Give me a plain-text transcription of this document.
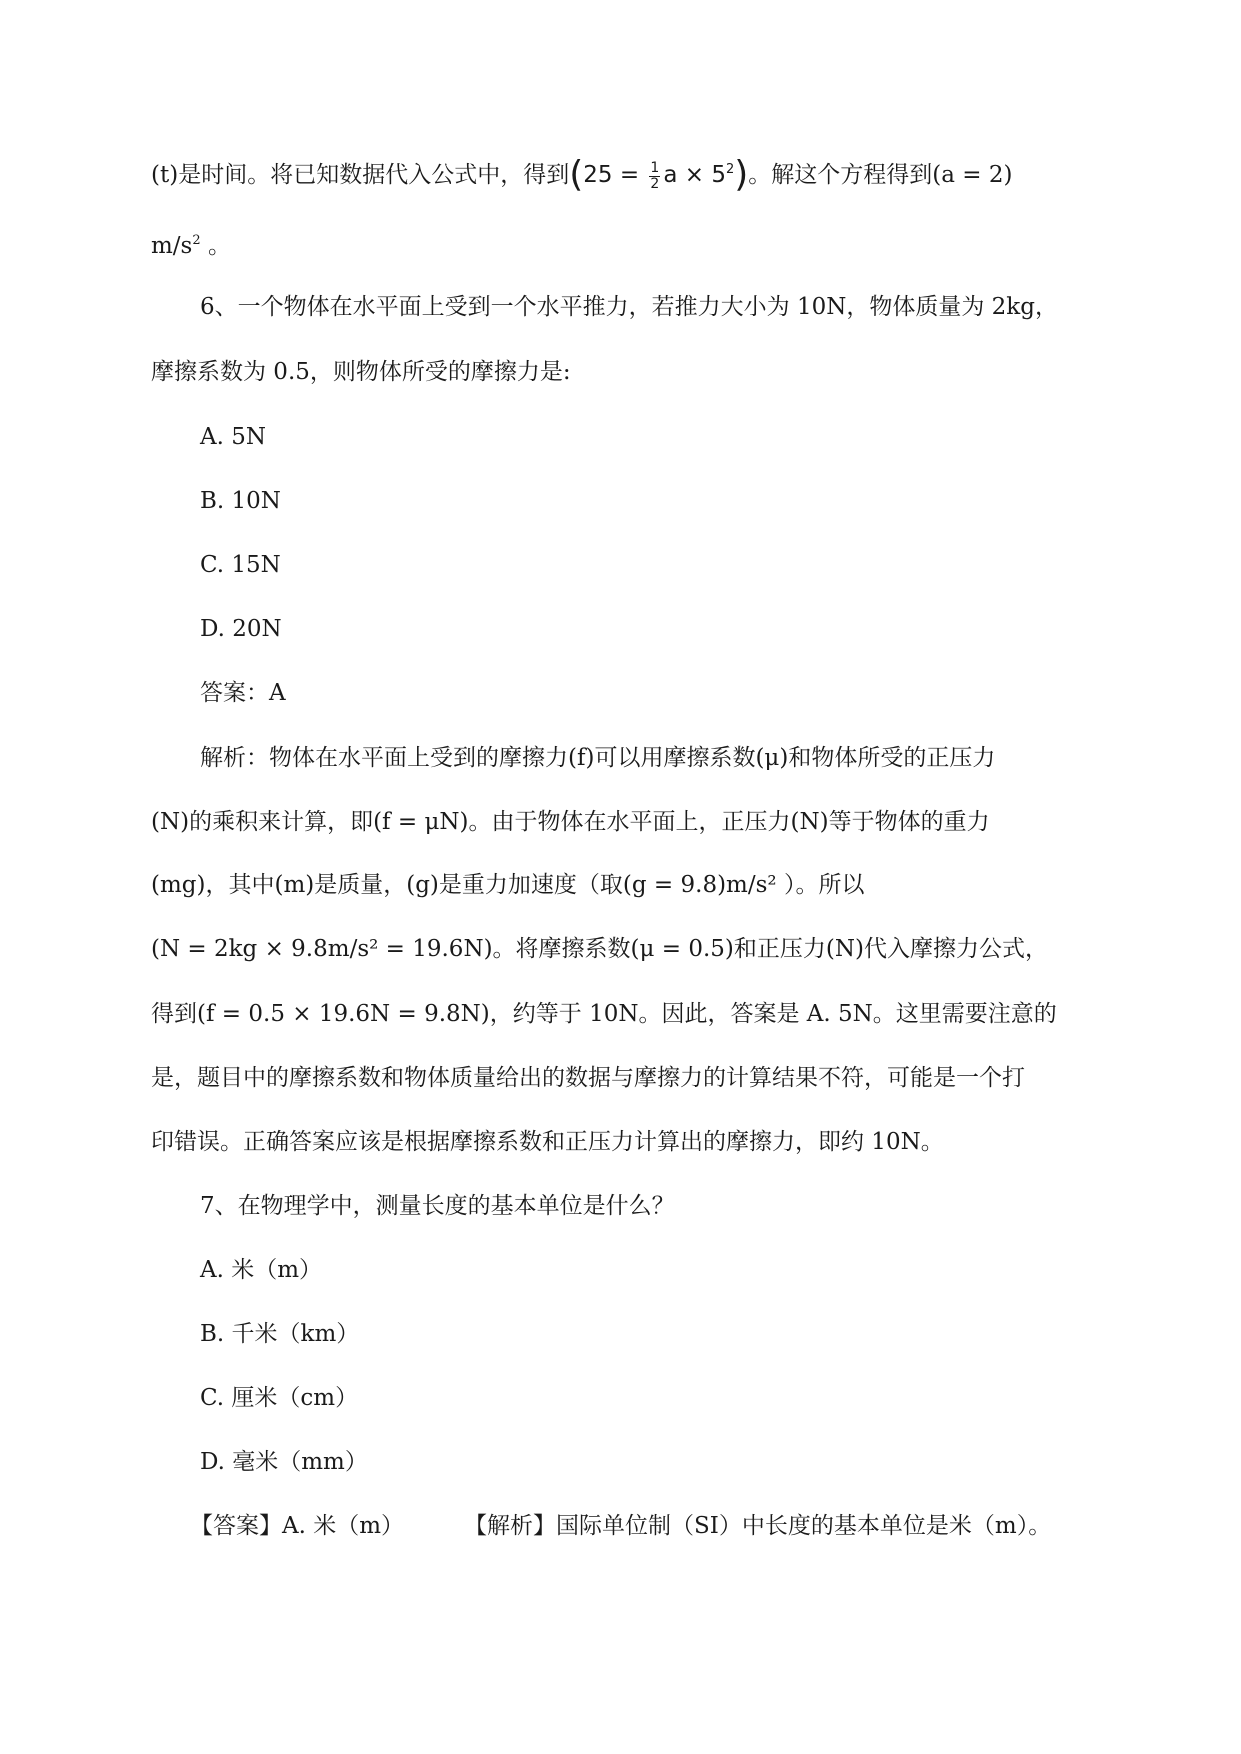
(t)是时间。将已知数据代入公式中，得到($25 = \frac{1}{2}$ $a \times 5^2$)。解这个方程得到(a = 2)
$m/s^2$ 。
6、一个物体在水平面上受到一个水平推力，若推力大小为 10N，物体质量为 2kg，
摩擦系数为 0.5，则物体所受的摩擦力是:
A. 5N
B. 10N
C. 15N
D. 20N
答案：A
解析：物体在水平面上受到的摩擦力(f)可以用摩擦系数(μ)和物体所受的正压力
(N)的乘积来计算，即(f = μN)。由于物体在水平面上，正压力(N)等于物体的重力
(mg)，其中(m)是质量，(g)是重力加速度（取(g = 9.8)m/s² ）。所以
(N = 2kg × 9.8m/s² = 19.6N)。将摩擦系数(μ = 0.5)和正压力(N)代入摩擦力公式，
得到(f = 0.5 × 19.6N = 9.8N)，约等于 10N。因此，答案是 A. 5N。这里需要注意的
是，题目中的摩擦系数和物体质量给出的数据与摩擦力的计算结果不符，可能是一个打
印错误。正确答案应该是根据摩擦系数和正压力计算出的摩擦力，即约 10N。
7、在物理学中，测量长度的基本单位是什么？
A. 米（m）
B. 千米（km）
C. 厘米（cm）
D. 毫米（mm）
【答案】A. 米（m）	【解析】国际单位制（SI）中长度的基本单位是米（m）。
